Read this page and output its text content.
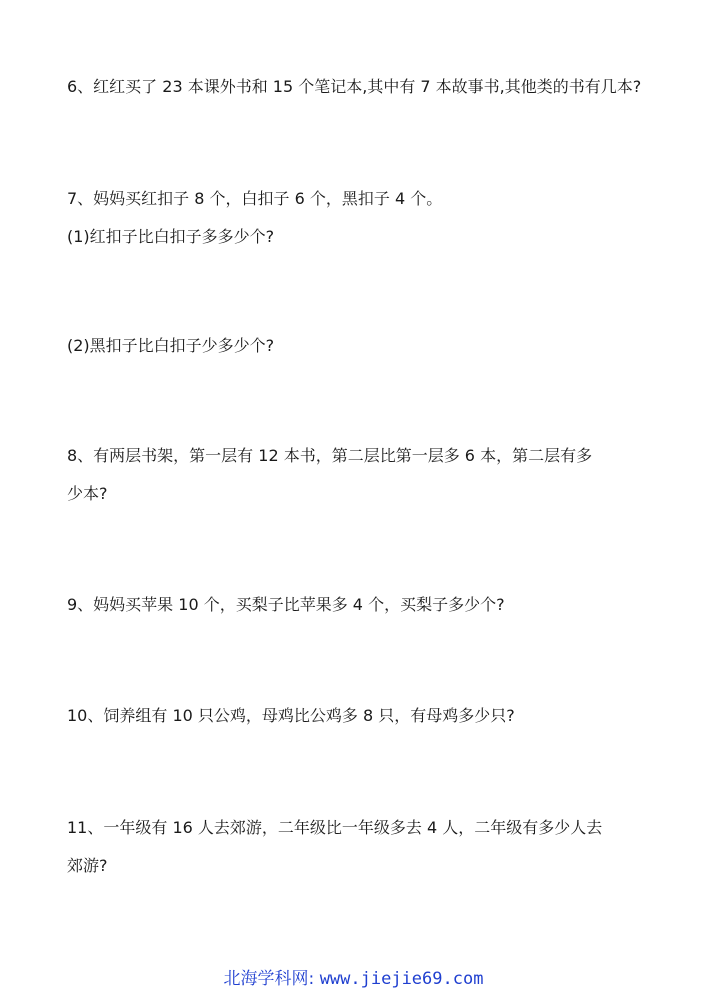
6、红红买了 23 本课外书和 15 个笔记本,其中有 7 本故事书,其他类的书有几本?
7、妈妈买红扣子 8 个，白扣子 6 个，黑扣子 4 个。
(1)红扣子比白扣子多多少个?
(2)黑扣子比白扣子少多少个?
8、有两层书架，第一层有 12 本书，第二层比第一层多 6 本，第二层有多
少本?
9、妈妈买苹果 10 个，买梨子比苹果多 4 个，买梨子多少个?
10、饲养组有 10 只公鸡，母鸡比公鸡多 8 只，有母鸡多少只?
11、一年级有 16 人去郊游，二年级比一年级多去 4 人，二年级有多少人去
郊游?
北海学科网: www.jiejie69.com
